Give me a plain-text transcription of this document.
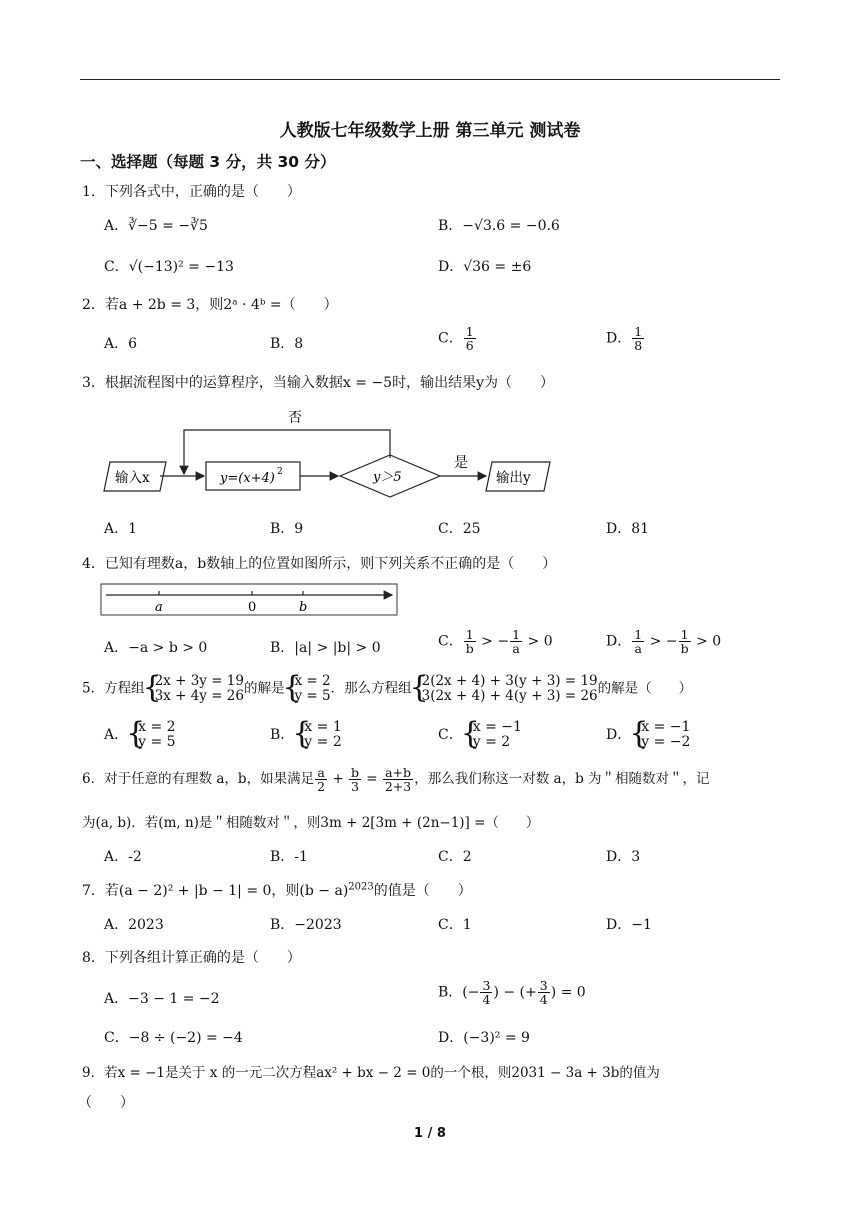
人教版七年级数学上册 第三单元 测试卷
一、选择题（每题 3 分，共 30 分）
1．下列各式中，正确的是（　　）
A．∛−5 = −∛5	B．−√3.6 = −0.6
C．√(−13)² = −13	D．√36 = ±6
2．若a + 2b = 3，则2ᵃ · 4ᵇ =（　　）
A．6	B．8	C． $\frac{1}{6}$	D． $\frac{1}{8}$
3．根据流程图中的运算程序，当输入数据x = −5时，输出结果y为（　　）
否
输入x	y=(x+4) 2	y＞5
是
输出y
A．1	B．9	C．25	D．81
4．已知有理数a，b数轴上的位置如图所示，则下列关系不正确的是（　　）
a	0	b
A．−a > b > 0	B．|a| > |b| > 0	C． $\frac{1}{b}$ > − $\frac{1}{a} > 0$	D． $\frac{1}{a}$ > − $\frac{1}{b} > 0$
5．方程组 { 2x + 3y = 19
3x + 4y = 26 的解是 { x = 2
y = 5 ．那么方程组 { 2(2x + 4) + 3(y + 3) = 19
3(2x + 4) + 4(y + 3) = 26 的解是（　　）
A． { x = 2
y = 5	B． { x = 1
y = 2	C． { x = −1
y = 2	D． { x = −1
y = −2
6．对于任意的有理数 a，b，如果满足 $\frac{a}{2} + \frac{b}{3} = \frac{a+b}{2+3}$ ，那么我们称这一对数 a，b 为＂相随数对＂，记
为(a, b)．若(m, n)是＂相随数对＂，则3m + 2[3m + (2n−1)] =（　　）
A．-2	B．-1	C．2	D．3
7．若(a − 2)² + |b − 1| = 0，则$(b - a)^{2023}$的值是（　　）
A．2023	B．−2023	C．1	D．−1
8．下列各组计算正确的是（　　）
A．−3 − 1 = −2	B．(− $\frac{3}{4}$ ) − (+ $\frac{3}{4}$ ) = 0
C．−8 ÷ (−2) = −4	D．(−3)² = 9
9．若x = −1是关于 x 的一元二次方程ax² + bx − 2 = 0的一个根，则2031 − 3a + 3b的值为
（　　）
1 / 8
